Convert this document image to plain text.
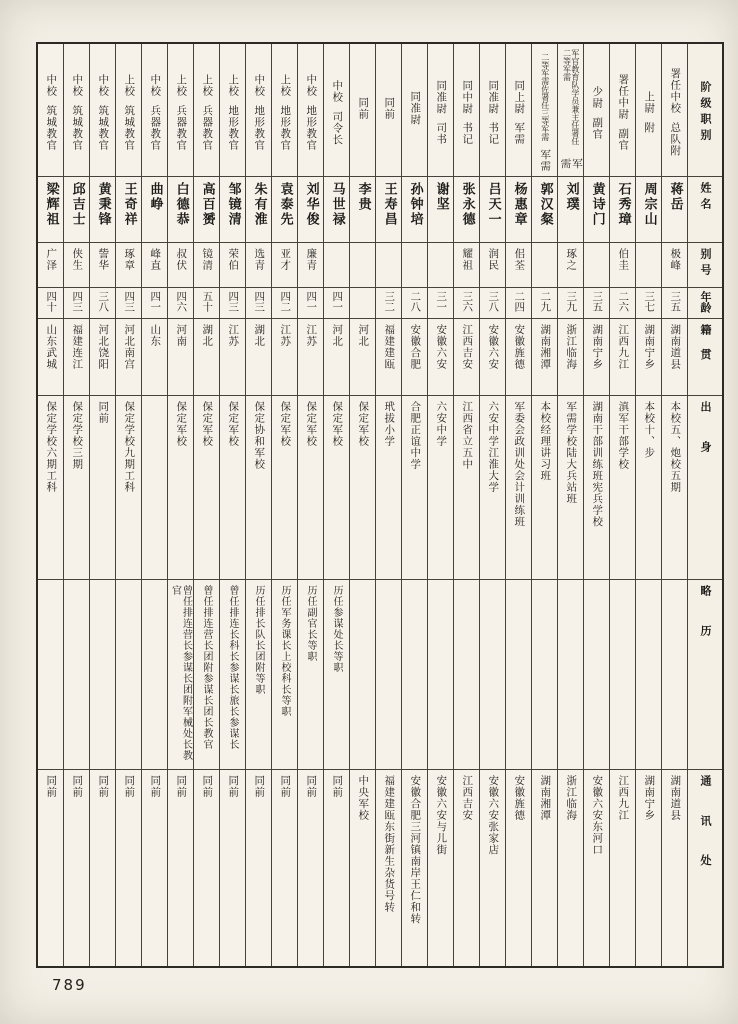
中校
筑城教官
梁辉祖
广泽
四十
山东武城
保定学校六期工科
同前
中校
筑城教官
邱吉士
侠生
四三
福建连江
保定学校三期
同前
中校
筑城教官
黄秉锋
訾华
三八
河北饶阳
同前
同前
上校
筑城教官
王奇祥
琢章
四三
河北南宫
保定学校九期工科
同前
中校
兵器教官
曲峥
峰直
四一
山东
同前
上校
兵器教官
白德恭
叔伏
四六
河南
保定军校
曾任排连营长参谋长团附军械处长教官
同前
上校
兵器教官
高百赟
镜清
五十
湖北
保定军校
曾任排连营长团附参谋长团长教官
同前
上校
地形教官
邹镜清
荣伯
四三
江苏
保定军校
曾任排连长科长参谋长旅长参谋长
同前
中校
地形教官
朱有淮
选青
四三
湖北
保定协和军校
历任排长队长团附等职
同前
上校
地形教官
袁泰先
亚才
四二
江苏
保定军校
历任军务课长上校科长等职
同前
中校
地形教官
刘华俊
廉青
四一
江苏
保定军校
历任副官长等职
同前
中校
司令长
马世禄
四一
河北
保定军校
历任参谋处长等职
同前
同前
李贵
河北
保定军校
中央军校
同前
王寿昌
三二
福建建瓯
玳拔小学
福建建瓯东街新生杂货号转
同准尉
孙钟培
二八
安徽合肥
合肥正谊中学
安徽合肥三河镇南岸王仁和转
同准尉
司书
谢坚
三一
安徽六安
六安中学
安徽六安与儿街
同中尉
书记
张永德
耀祖
三六
江西吉安
江西省立五中
江西吉安
同准尉
书记
吕天一
润民
三八
安徽六安
六安中学江淮大学
安徽六安张家店
同上尉
军需
杨惠章
佀荃
二四
安徽旌德
军委会政训处会计训练班
安徽旌德
二等军需佐署任三等军需
军需
郭汉粲
二九
湖南湘潭
本校经理讲习班
湖南湘潭
军官教育队学员兼主任署任二等军需
军需
刘璞
琢之
三九
浙江临海
军需学校陆大兵站班
浙江临海
少尉
副官
黄诗门
三五
湖南宁乡
湖南干部训练班宪兵学校
安徽六安东河口
署任中尉
副官
石秀璋
伯圭
二六
江西九江
滇军干部学校
江西九江
上尉
附
周宗山
三七
湖南宁乡
本校十、步
湖南宁乡
署任中校
总队附
蒋岳
极峰
三五
湖南道县
本校五、炮校五期
湖南道县
阶级职别
姓名
别号
年龄
籍贯
出身
略历
通讯处
789
